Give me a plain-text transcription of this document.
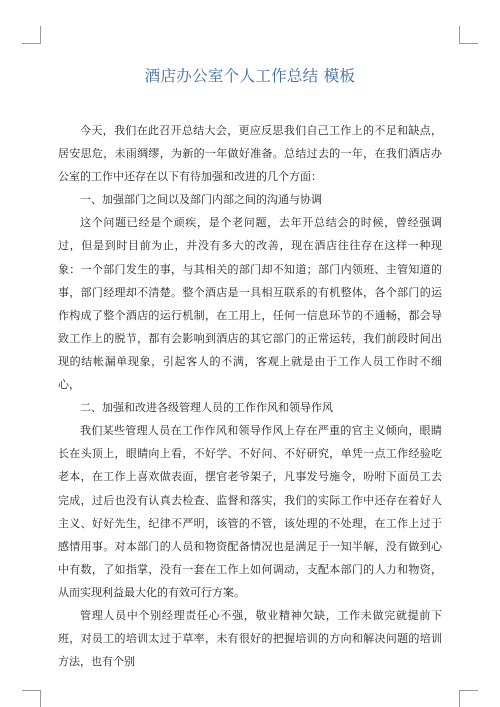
酒店办公室个人工作总结 模板

今天，我们在此召开总结大会，更应反思我们自己工作上的不足和缺点，居安思危，未雨绸缪，为新的一年做好准备。总结过去的一年，在我们酒店办公室的工作中还存在以下有待加强和改进的几个方面：

一、加强部门之间以及部门内部之间的沟通与协调

这个问题已经是个顽疾，是个老问题，去年开总结会的时候，曾经强调过，但是到时目前为止，并没有多大的改善，现在酒店往往存在这样一种现象：一个部门发生的事，与其相关的部门却不知道；部门内领班、主管知道的事，部门经理却不清楚。整个酒店是一具相互联系的有机整体，各个部门的运作构成了整个酒店的运行机制，在工用上，任何一信息环节的不通畅，都会导致工作上的脱节，都有会影响到酒店的其它部门的正常运转，我们前段时间出现的结帐漏单现象，引起客人的不满，客观上就是由于工作人员工作时不细心，

二、加强和改进各级管理人员的工作作风和领导作风

我们某些管理人员在工作作风和领导作风上存在严重的官主义倾向，眼睛长在头顶上，眼睛向上看，不好学、不好问、不好研究，单凭一点工作经验吃老本，在工作上喜欢做表面，摆官老爷架子，凡事发号施令，吩咐下面员工去完成，过后也没有认真去检查、监督和落实，我们的实际工作中还存在着好人主义、好好先生，纪律不严明，该管的不管，该处理的不处理，在工作上过于感情用事。对本部门的人员和物资配备情况也是满足于一知半解，没有做到心中有数，了如指掌，没有一套在工作上如何调动，支配本部门的人力和物资，从而实现利益最大化的有效可行方案。

管理人员中个别经理责任心不强，敬业精神欠缺，工作未做完就提前下班，对员工的培训太过于草率，未有很好的把握培训的方向和解决问题的培训方法，也有个别
